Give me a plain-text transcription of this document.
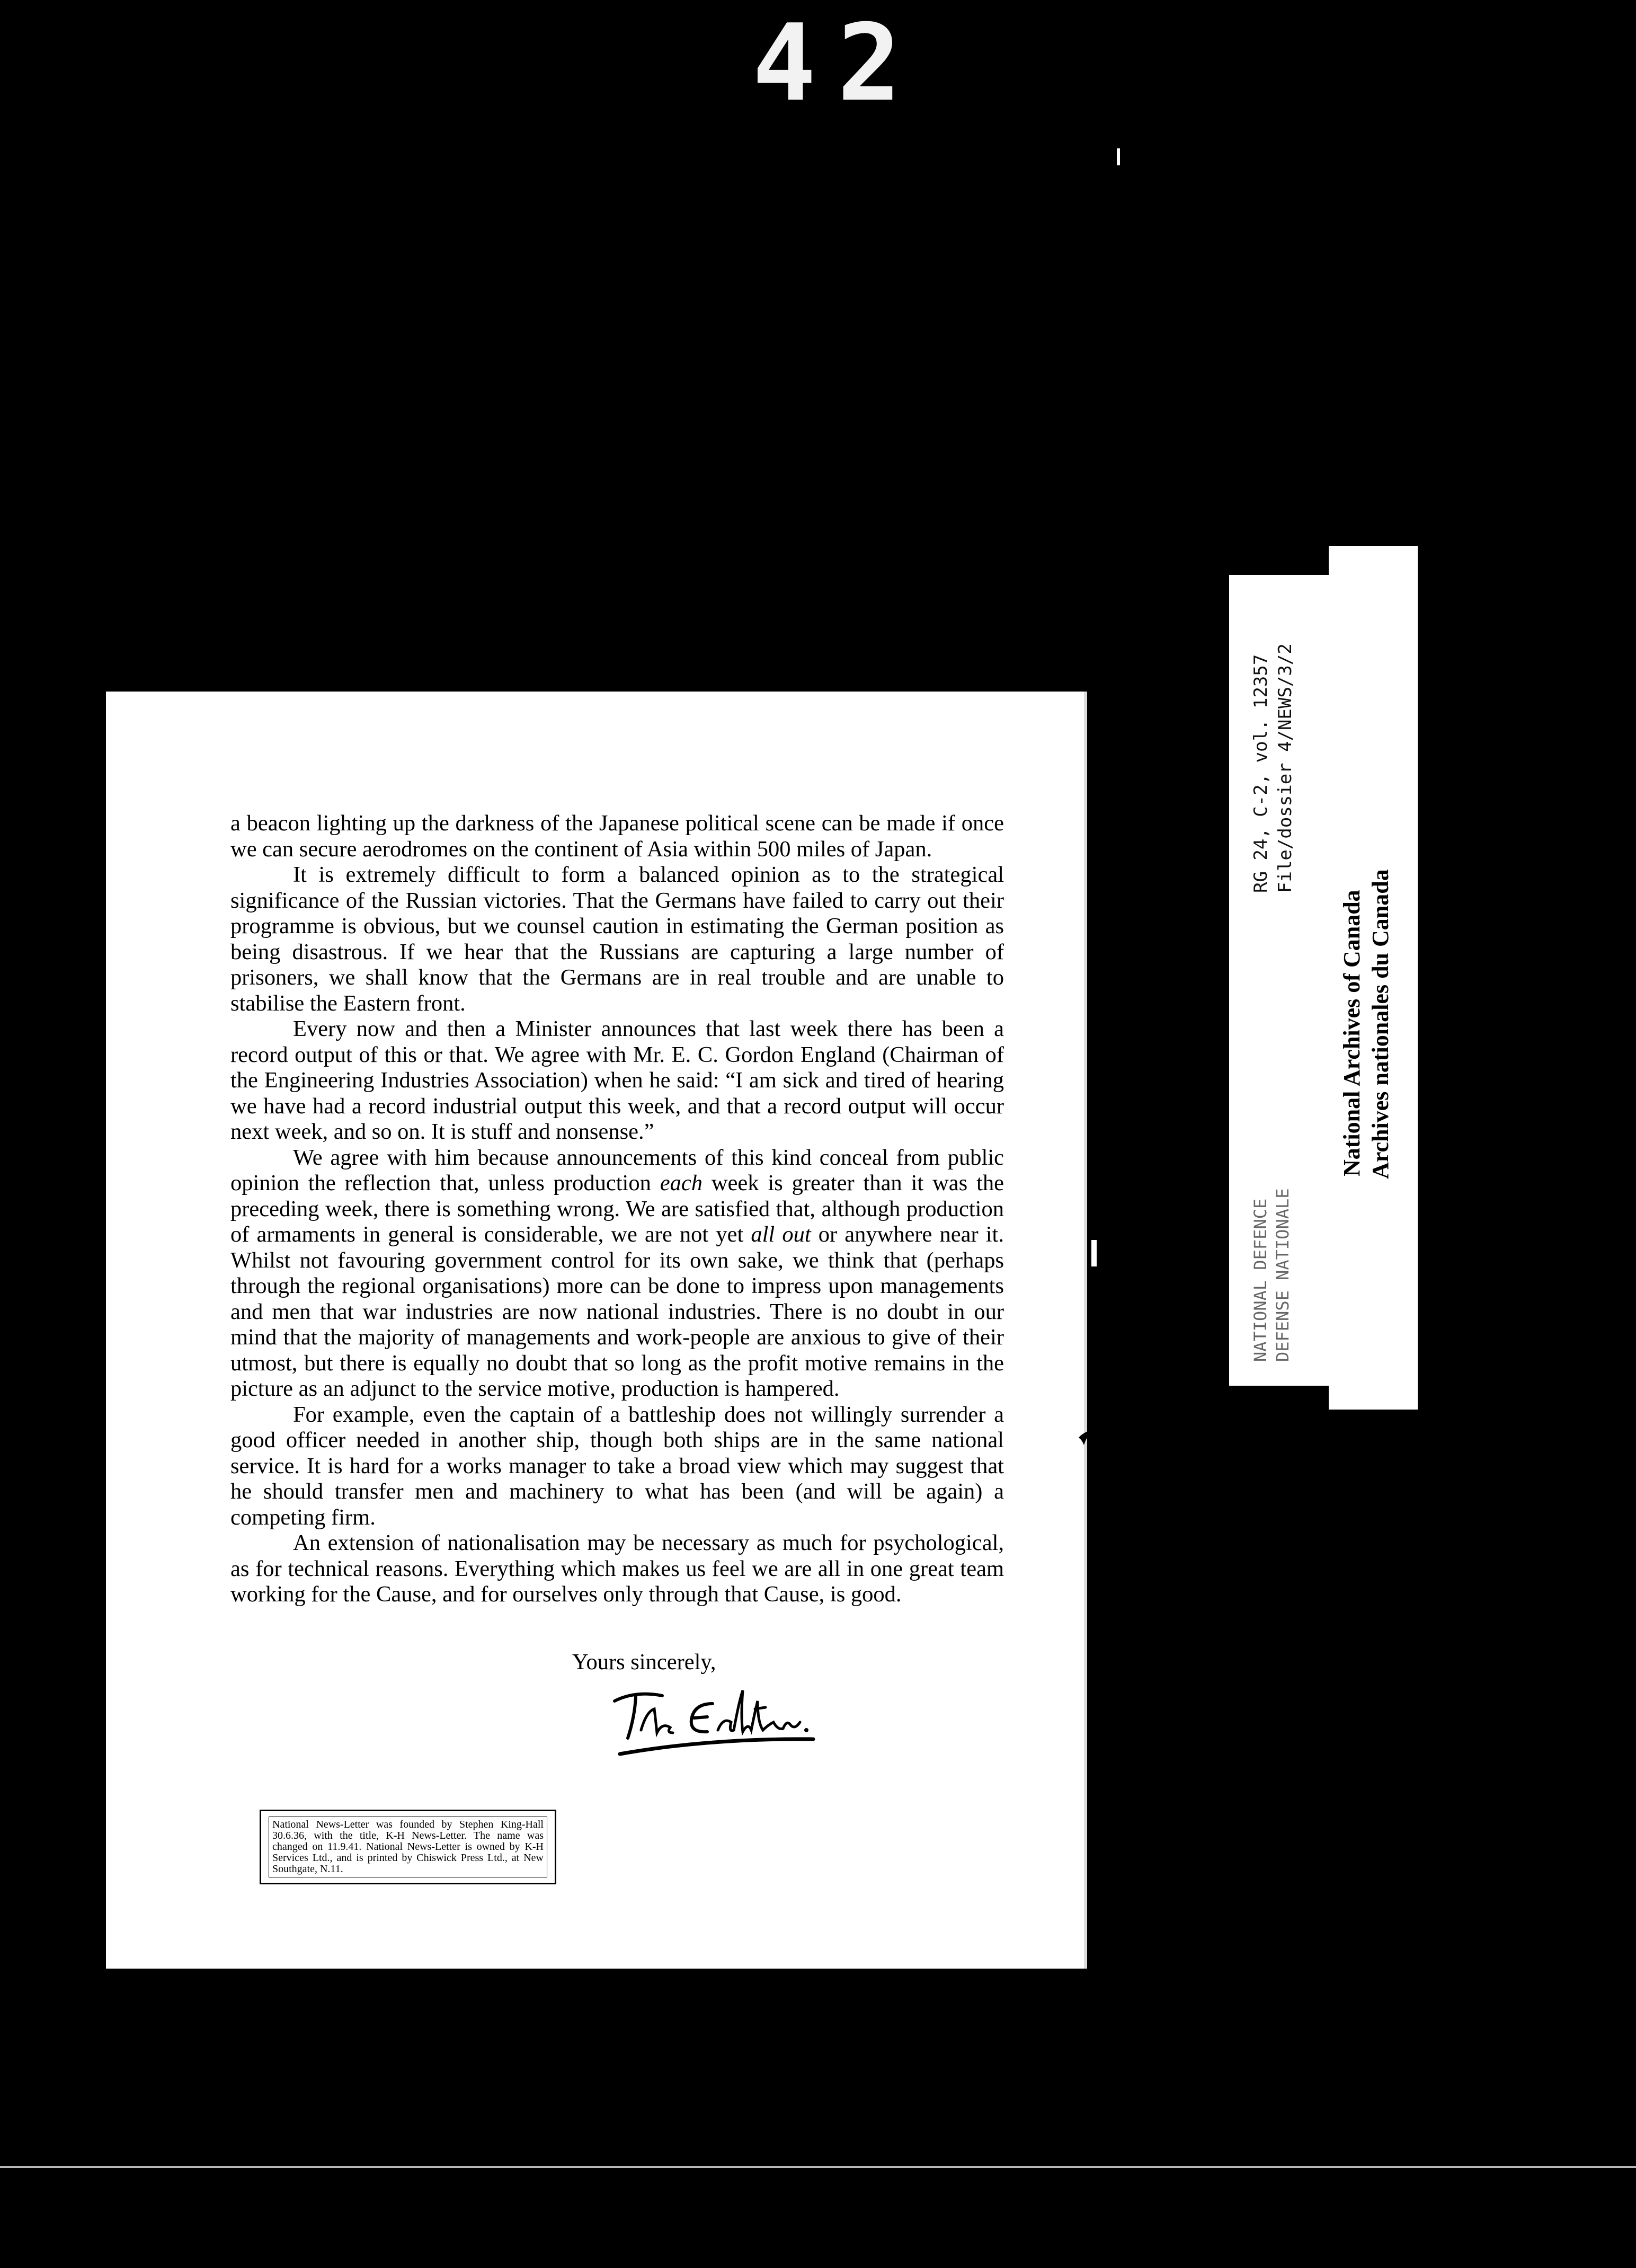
42

a beacon lighting up the darkness of the Japanese political scene can be made if once we can secure aerodromes on the continent of Asia within 500 miles of Japan.

It is extremely difficult to form a balanced opinion as to the strategical significance of the Russian victories. That the Germans have failed to carry out their programme is obvious, but we counsel caution in estimating the German position as being disastrous. If we hear that the Russians are capturing a large number of prisoners, we shall know that the Germans are in real trouble and are unable to stabilise the Eastern front.

Every now and then a Minister announces that last week there has been a record output of this or that. We agree with Mr. E. C. Gordon England (Chairman of the Engineering Industries Association) when he said: “I am sick and tired of hearing we have had a record industrial output this week, and that a record output will occur next week, and so on. It is stuff and nonsense.”

We agree with him because announcements of this kind conceal from public opinion the reflection that, unless production each week is greater than it was the preceding week, there is something wrong. We are satisfied that, although production of armaments in general is considerable, we are not yet all out or anywhere near it. Whilst not favouring government control for its own sake, we think that (perhaps through the regional organisations) more can be done to impress upon managements and men that war industries are now national industries. There is no doubt in our mind that the majority of managements and work-people are anxious to give of their utmost, but there is equally no doubt that so long as the profit motive remains in the picture as an adjunct to the service motive, production is hampered.

For example, even the captain of a battleship does not willingly surrender a good officer needed in another ship, though both ships are in the same national service. It is hard for a works manager to take a broad view which may suggest that he should transfer men and machinery to what has been (and will be again) a competing firm.

An extension of nationalisation may be necessary as much for psychological, as for technical reasons. Everything which makes us feel we are all in one great team working for the Cause, and for ourselves only through that Cause, is good.

Yours sincerely,
National News-Letter was founded by Stephen King-Hall 30.6.36, with the title, K-H News-Letter. The name was changed on 11.9.41. National News-Letter is owned by K-H Services Ltd., and is printed by Chiswick Press Ltd., at New Southgate, N.11.
RG 24, C-2, vol. 12357 File/dossier 4/NEWS/3/2
NATIONAL DEFENCE DEFENSE NATIONALE
National Archives of Canada Archives nationales du Canada
